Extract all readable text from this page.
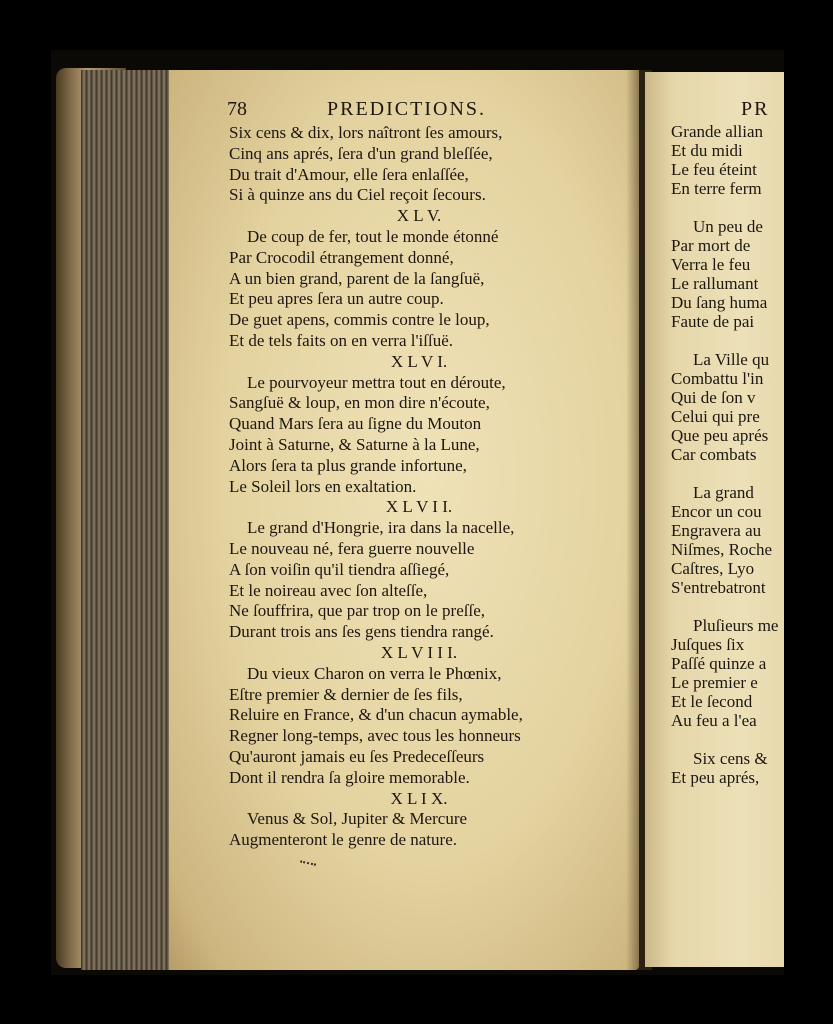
78	PREDICTIONS.
Six cens & dix, lors naîtront ſes amours,
Cinq ans aprés, ſera d'un grand bleſſée,
Du trait d'Amour, elle ſera enlaſſée,
Si à quinze ans du Ciel reçoit ſecours.
X L V.
De coup de fer, tout le monde étonné
Par Crocodil étrangement donné,
A un bien grand, parent de la ſangſuë,
Et peu apres ſera un autre coup.
De guet apens, commis contre le loup,
Et de tels faits on en verra l'iſſuë.
X L V I.
Le pourvoyeur mettra tout en déroute,
Sangſuë & loup, en mon dire n'écoute,
Quand Mars ſera au ſigne du Mouton
Joint à Saturne, & Saturne à la Lune,
Alors ſera ta plus grande infortune,
Le Soleil lors en exaltation.
X L V I I.
Le grand d'Hongrie, ira dans la nacelle,
Le nouveau né, fera guerre nouvelle
A ſon voiſin qu'il tiendra aſſiegé,
Et le noireau avec ſon alteſſe,
Ne ſouffrira, que par trop on le preſſe,
Durant trois ans ſes gens tiendra rangé.
X L V I I I.
Du vieux Charon on verra le Phœnix,
Eſtre premier & dernier de ſes fils,
Reluire en France, & d'un chacun aymable,
Regner long-temps, avec tous les honneurs
Qu'auront jamais eu ſes Predeceſſeurs
Dont il rendra ſa gloire memorable.
X L I X.
Venus & Sol, Jupiter & Mercure
Augmenteront le genre de nature.
PR
Grande allian
Et du midi
Le feu éteint
En terre ferm
Un peu de
Par mort de
Verra le feu
Le rallumant
Du ſang huma
Faute de pai
La Ville qu
Combattu l'in
Qui de ſon v
Celui qui pre
Que peu aprés
Car combats
La grand
Encor un cou
Engravera au
Niſmes, Roche
Caſtres, Lyo
S'entrebatront
Pluſieurs me
Juſques ſix
Paſſé quinze a
Le premier e
Et le ſecond
Au feu a l'ea
Six cens &
Et peu aprés,
